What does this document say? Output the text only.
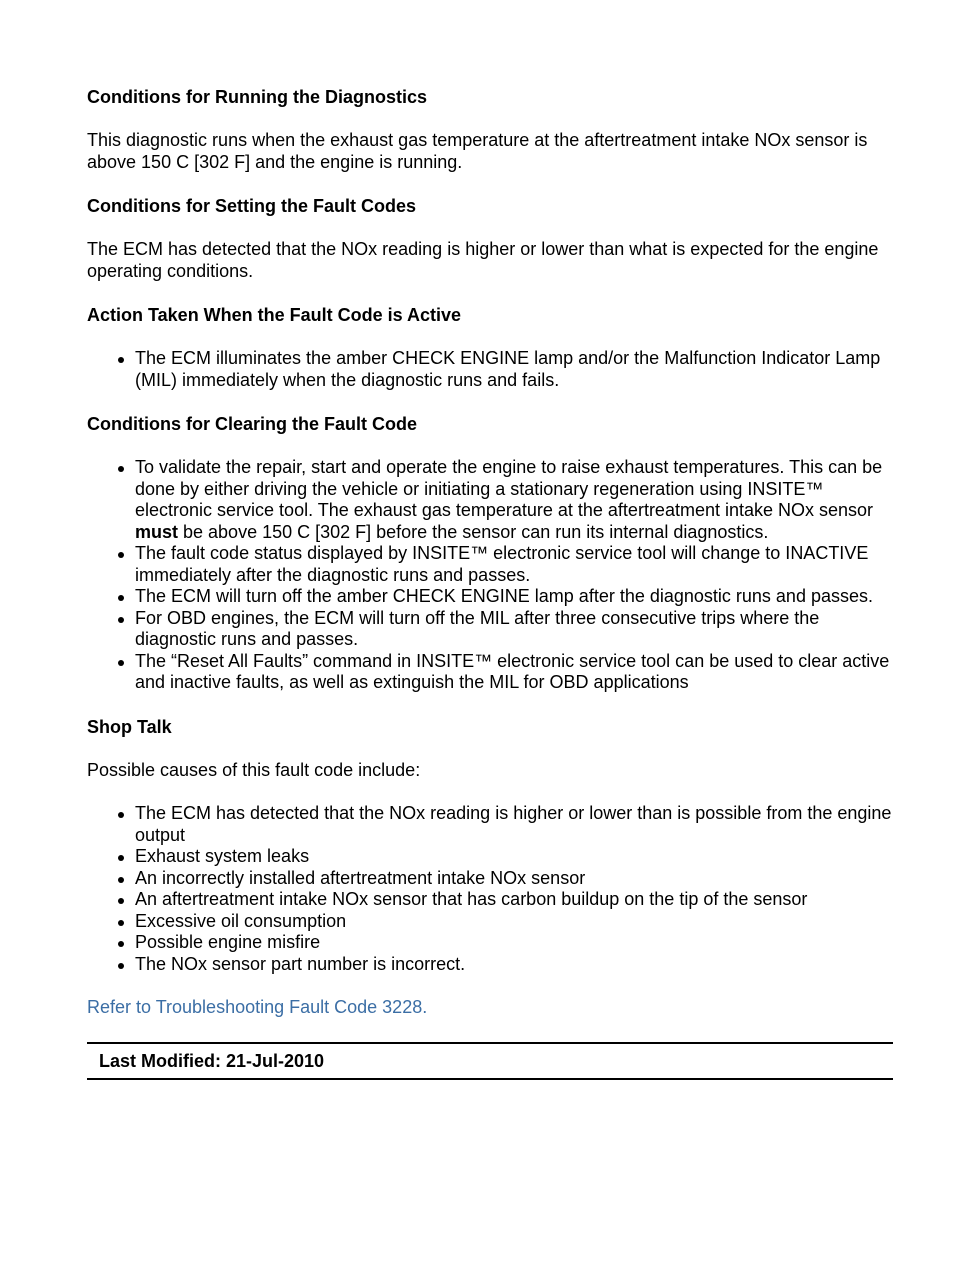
Conditions for Running the Diagnostics

This diagnostic runs when the exhaust gas temperature at the aftertreatment intake NOx sensor is above 150 C [302 F] and the engine is running.

Conditions for Setting the Fault Codes

The ECM has detected that the NOx reading is higher or lower than what is expected for the engine operating conditions.

Action Taken When the Fault Code is Active
The ECM illuminates the amber CHECK ENGINE lamp and/or the Malfunction Indicator Lamp (MIL) immediately when the diagnostic runs and fails.
Conditions for Clearing the Fault Code
To validate the repair, start and operate the engine to raise exhaust temperatures. This can be done by either driving the vehicle or initiating a stationary regeneration using INSITE™ electronic service tool. The exhaust gas temperature at the aftertreatment intake NOx sensor must be above 150 C [302 F] before the sensor can run its internal diagnostics.
The fault code status displayed by INSITE™ electronic service tool will change to INACTIVE immediately after the diagnostic runs and passes.
The ECM will turn off the amber CHECK ENGINE lamp after the diagnostic runs and passes.
For OBD engines, the ECM will turn off the MIL after three consecutive trips where the diagnostic runs and passes.
The “Reset All Faults” command in INSITE™ electronic service tool can be used to clear active and inactive faults, as well as extinguish the MIL for OBD applications
Shop Talk

Possible causes of this fault code include:

The ECM has detected that the NOx reading is higher or lower than is possible from the engine output
Exhaust system leaks
An incorrectly installed aftertreatment intake NOx sensor
An aftertreatment intake NOx sensor that has carbon buildup on the tip of the sensor
Excessive oil consumption
Possible engine misfire
The NOx sensor part number is incorrect.

Refer to Troubleshooting Fault Code 3228.

Last Modified: 21-Jul-2010
